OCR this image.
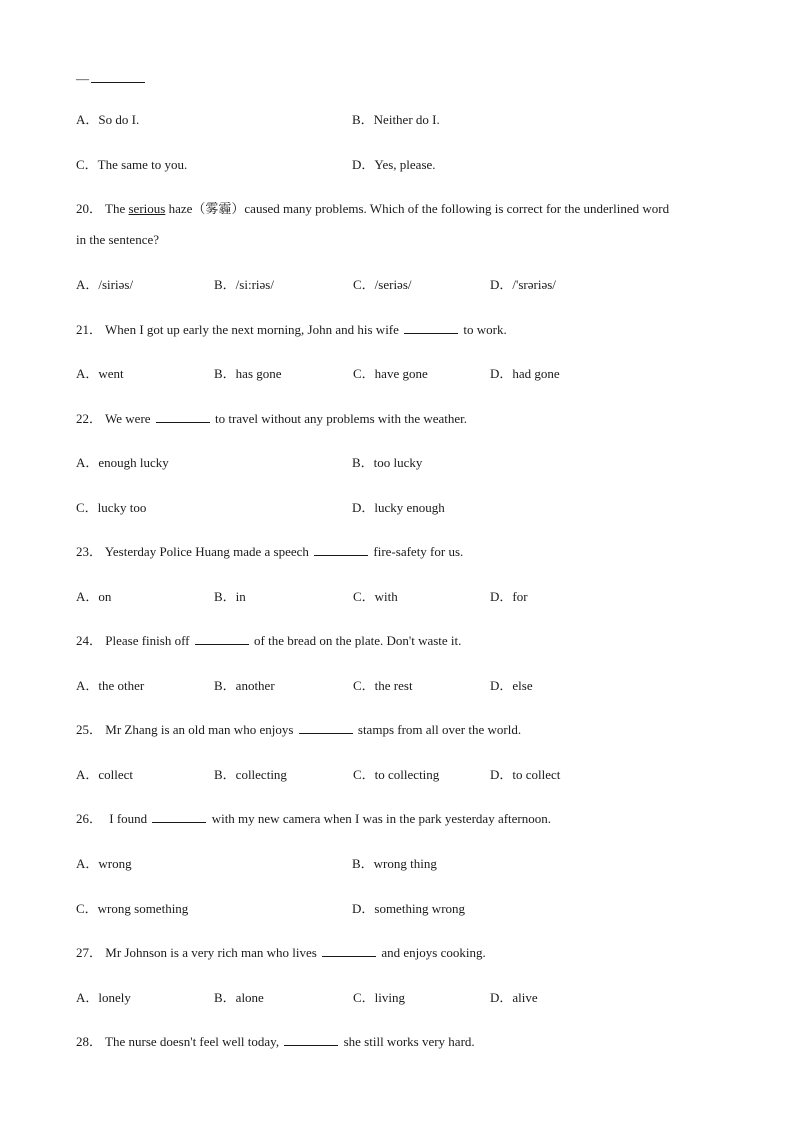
—
A．So do I.	B．Neither do I.
C．The same to you.	D．Yes, please.
20． The serious haze（雾霾）caused many problems. Which of the following is correct for the underlined word
in the sentence?
A．/siriəs/	B．/si:riəs/	C．/seriəs/	D．/'srəriəs/
21． When I got up early the next morning, John and his wife	to work.
A．went	B．has gone	C．have gone	D．had gone
22． We were	to travel without any problems with the weather.
A．enough lucky	B．too lucky
C．lucky too	D．lucky enough
23． Yesterday Police Huang made a speech	fire-safety for us.
A．on	B．in	C．with	D．for
24． Please finish off	of the bread on the plate. Don't waste it.
A．the other	B．another	C．the rest	D．else
25． Mr Zhang is an old man who enjoys	stamps from all over the world.
A．collect	B．collecting	C．to collecting	D．to collect
26． I found	with my new camera when I was in the park yesterday afternoon.
A．wrong	B．wrong thing
C．wrong something	D．something wrong
27． Mr Johnson is a very rich man who lives	and enjoys cooking.
A．lonely	B．alone	C．living	D．alive
28． The nurse doesn't feel well today,	she still works very hard.
